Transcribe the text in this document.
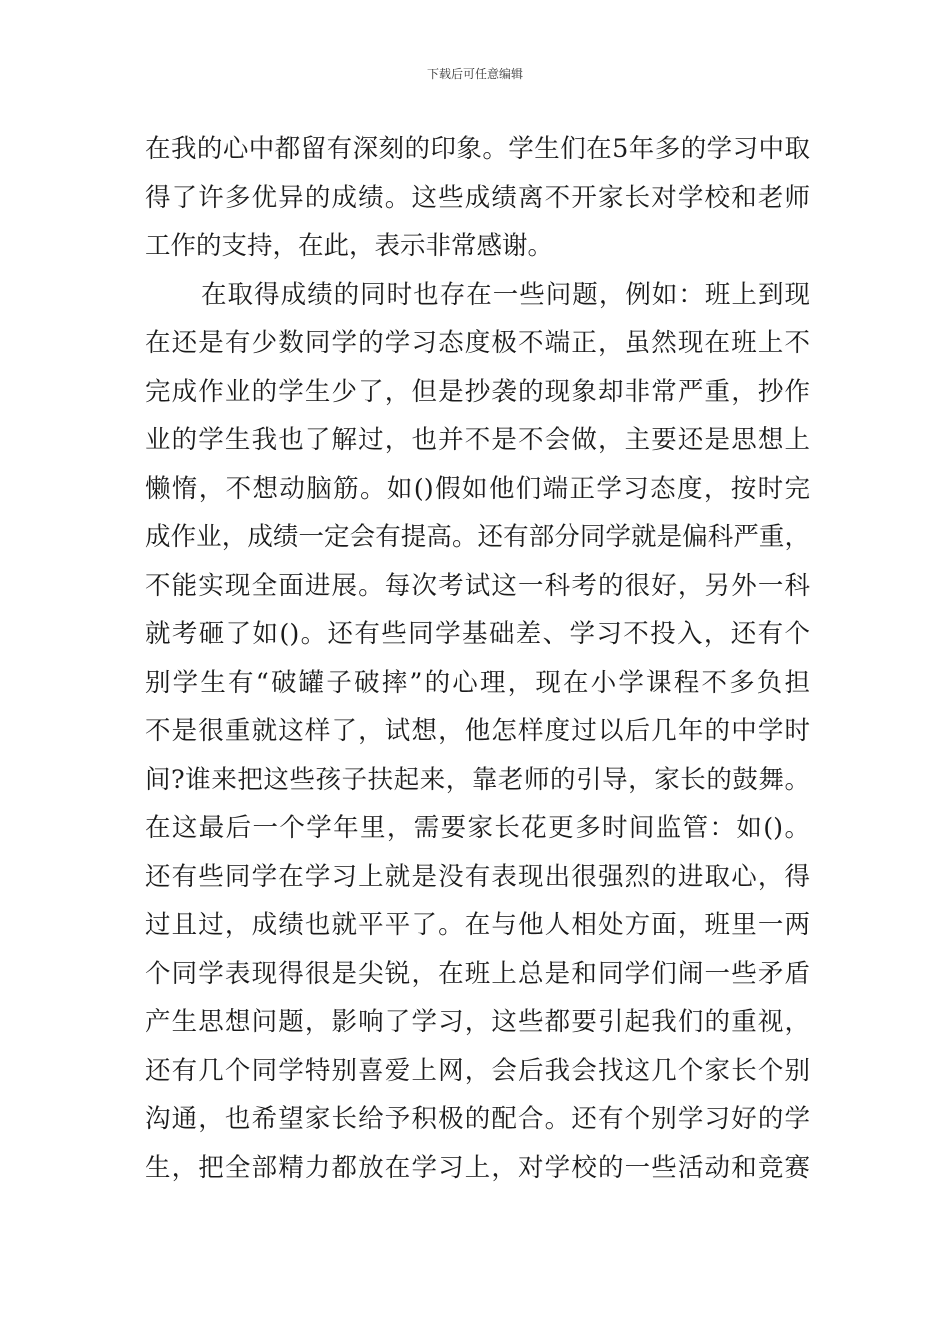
下载后可任意编辑
在我的心中都留有深刻的印象。学生们在5年多的学习中取
得了许多优异的成绩。这些成绩离不开家长对学校和老师
工作的支持，在此，表示非常感谢。
在取得成绩的同时也存在一些问题，例如：班上到现
在还是有少数同学的学习态度极不端正，虽然现在班上不
完成作业的学生少了，但是抄袭的现象却非常严重，抄作
业的学生我也了解过，也并不是不会做，主要还是思想上
懒惰，不想动脑筋。如()假如他们端正学习态度，按时完
成作业，成绩一定会有提高。还有部分同学就是偏科严重，
不能实现全面进展。每次考试这一科考的很好，另外一科
就考砸了如()。还有些同学基础差、学习不投入，还有个
别学生有“破罐子破摔”的心理，现在小学课程不多负担
不是很重就这样了，试想，他怎样度过以后几年的中学时
间?谁来把这些孩子扶起来，靠老师的引导，家长的鼓舞。
在这最后一个学年里，需要家长花更多时间监管：如()。
还有些同学在学习上就是没有表现出很强烈的进取心，得
过且过，成绩也就平平了。在与他人相处方面，班里一两
个同学表现得很是尖锐，在班上总是和同学们闹一些矛盾
产生思想问题，影响了学习，这些都要引起我们的重视，
还有几个同学特别喜爱上网，会后我会找这几个家长个别
沟通，也希望家长给予积极的配合。还有个别学习好的学
生，把全部精力都放在学习上，对学校的一些活动和竞赛
